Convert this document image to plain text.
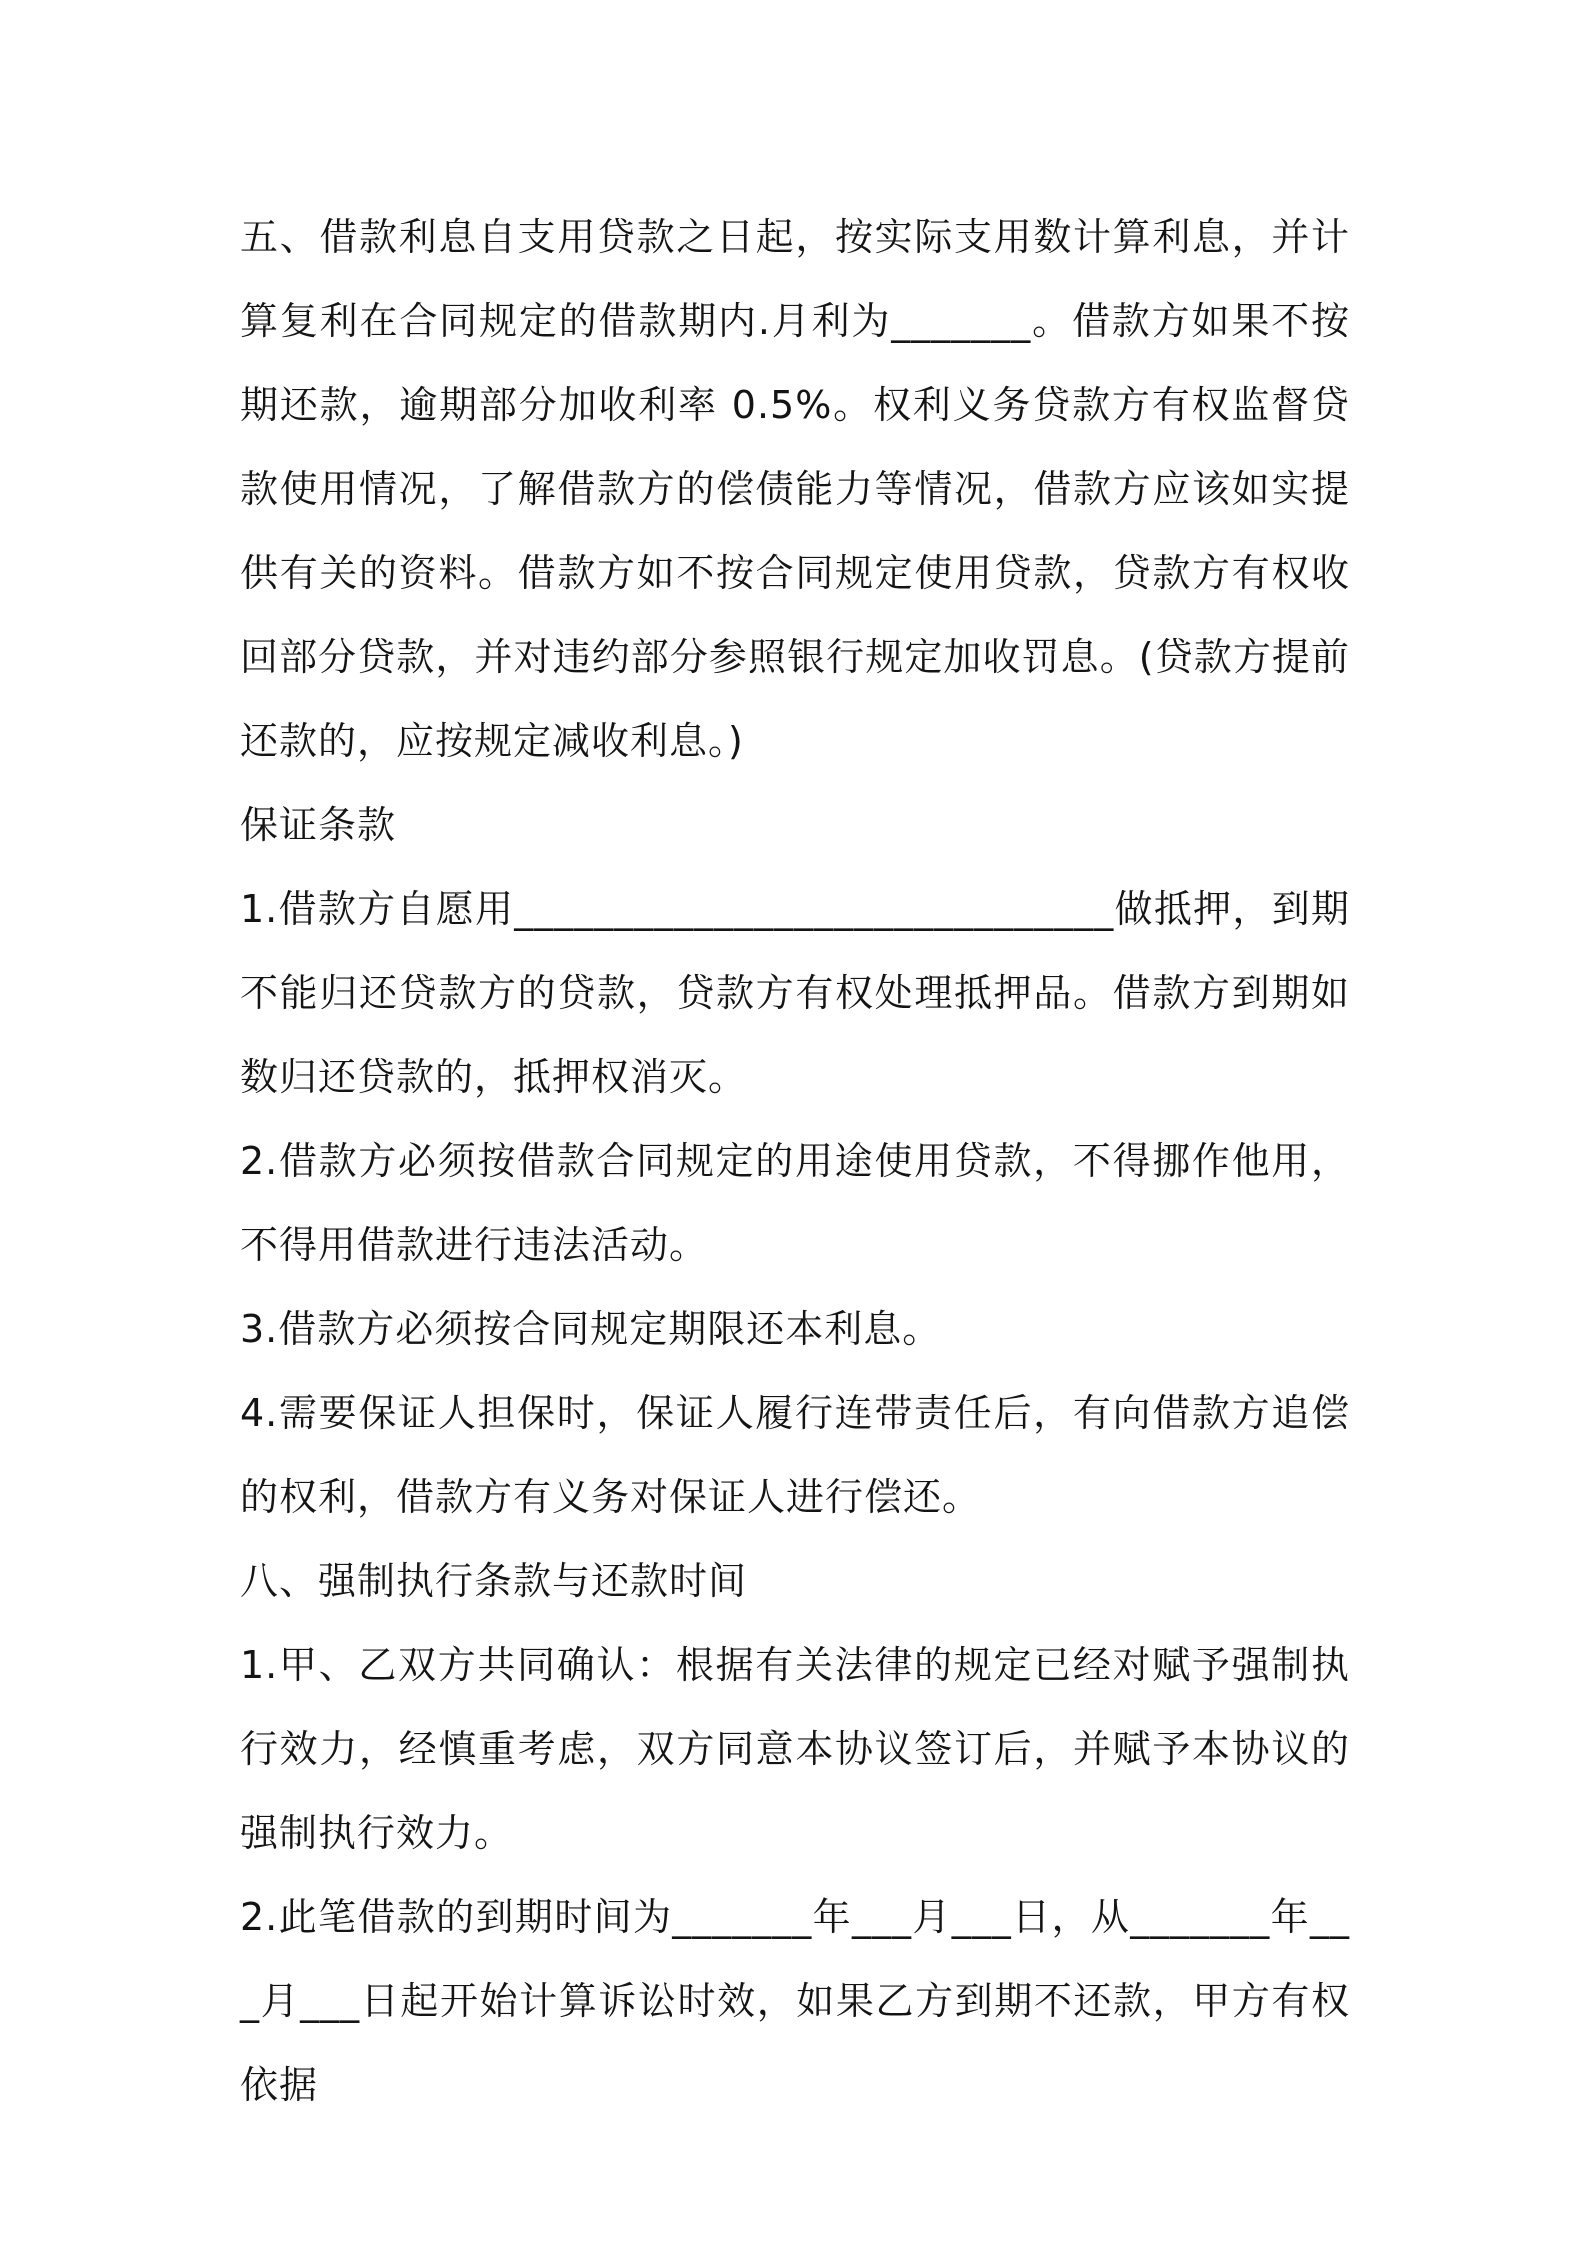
五、借款利息自支用贷款之日起，按实际支用数计算利息，并计算复利在合同规定的借款期内.月利为_______。借款方如果不按期还款，逾期部分加收利率 0.5%。权利义务贷款方有权监督贷款使用情况，了解借款方的偿债能力等情况，借款方应该如实提供有关的资料。借款方如不按合同规定使用贷款，贷款方有权收回部分贷款，并对违约部分参照银行规定加收罚息。(贷款方提前还款的，应按规定减收利息。)

保证条款

1.借款方自愿用______________________________做抵押，到期不能归还贷款方的贷款，贷款方有权处理抵押品。借款方到期如数归还贷款的，抵押权消灭。

2.借款方必须按借款合同规定的用途使用贷款，不得挪作他用，不得用借款进行违法活动。

3.借款方必须按合同规定期限还本利息。

4.需要保证人担保时，保证人履行连带责任后，有向借款方追偿的权利，借款方有义务对保证人进行偿还。

八、强制执行条款与还款时间

1.甲、乙双方共同确认：根据有关法律的规定已经对赋予强制执行效力，经慎重考虑，双方同意本协议签订后，并赋予本协议的强制执行效力。

2.此笔借款的到期时间为_______年___月___日，从_______年___月___日起开始计算诉讼时效，如果乙方到期不还款，甲方有权依据
